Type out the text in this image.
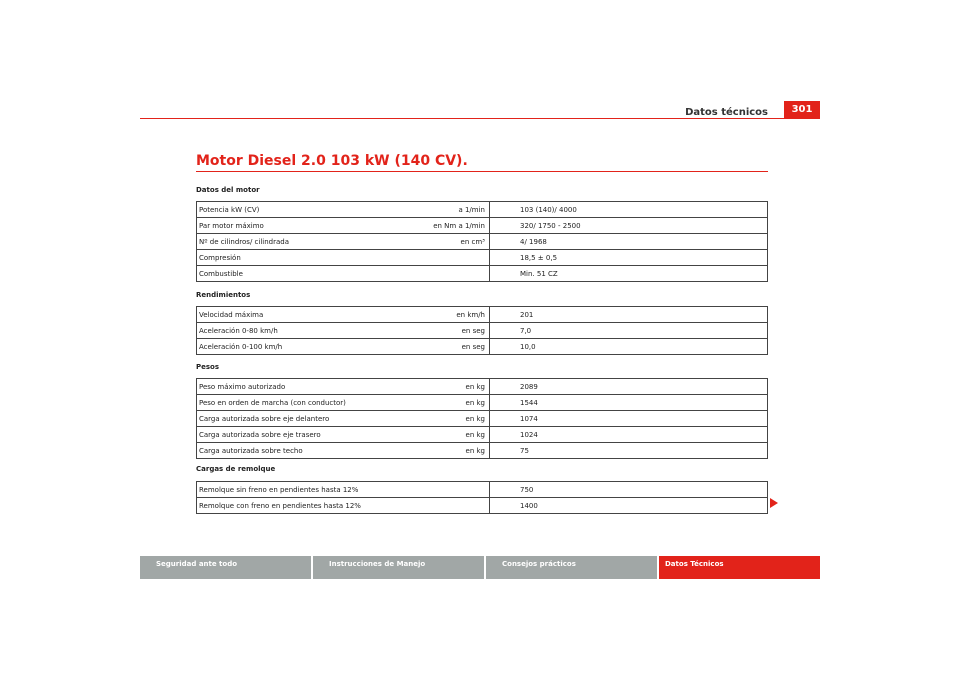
Datos técnicos	301
Motor Diesel 2.0 103 kW (140 CV).
Datos del motor
Potencia kW (CV)	a 1/min	103 (140)/ 4000
Par motor máximo	en Nm a 1/min	320/ 1750 - 2500
Nº de cilindros/ cilindrada	en cm³	4/ 1968
Compresión		18,5 ± 0,5
Combustible		Min. 51 CZ
Rendimientos
Velocidad máxima	en km/h	201
Aceleración 0-80 km/h	en seg	7,0
Aceleración 0-100 km/h	en seg	10,0
Pesos
Peso máximo autorizado	en kg	2089
Peso en orden de marcha (con conductor)	en kg	1544
Carga autorizada sobre eje delantero	en kg	1074
Carga autorizada sobre eje trasero	en kg	1024
Carga autorizada sobre techo	en kg	75
Cargas de remolque
Remolque sin freno en pendientes hasta 12%		750
Remolque con freno en pendientes hasta 12%		1400
Seguridad ante todo	Instrucciones de Manejo	Consejos prácticos	Datos Técnicos
